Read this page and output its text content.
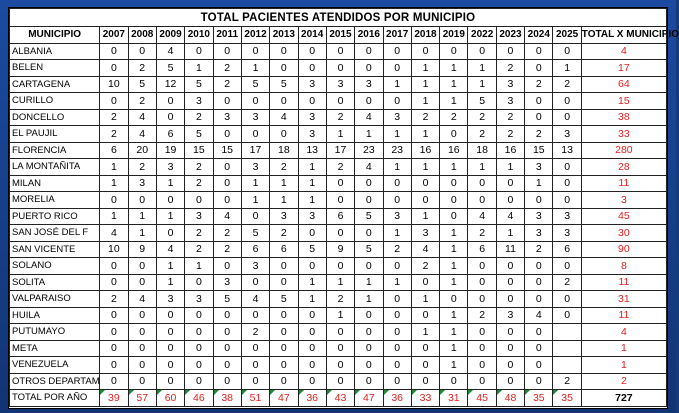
TOTAL PACIENTES ATENDIDOS POR MUNICIPIO																		
MUNICIPIO	2007	2008	2009	2010	2011	2012	2013	2014	2015	2016	2017	2018	2019	2022	2023	2024	2025	TOTAL X MUNICIPIO
ALBANIA	0	0	4	0	0	0	0	0	0	0	0	0	0	0	0	0	0	4
BELEN	0	2	5	1	2	1	0	0	0	0	0	1	1	1	2	0	1	17
CARTAGENA	10	5	12	5	2	5	5	3	3	3	1	1	1	1	3	2	2	64
CURILLO	0	2	0	3	0	0	0	0	0	0	0	1	1	5	3	0	0	15
DONCELLO	2	4	0	2	3	3	4	3	2	4	3	2	2	2	2	0	0	38
EL PAUJIL	2	4	6	5	0	0	0	3	1	1	1	1	0	2	2	2	3	33
FLORENCIA	6	20	19	15	15	17	18	13	17	23	23	16	16	18	16	15	13	280
LA MONTAÑITA	1	2	3	2	0	3	2	1	2	4	1	1	1	1	1	3	0	28
MILAN	1	3	1	2	0	1	1	1	0	0	0	0	0	0	0	1	0	11
MORELIA	0	0	0	0	0	1	1	1	0	0	0	0	0	0	0	0	0	3
PUERTO RICO	1	1	1	3	4	0	3	3	6	5	3	1	0	4	4	3	3	45
SAN JOSÉ DEL F	4	1	0	2	2	5	2	0	0	0	1	3	1	2	1	3	3	30
SAN VICENTE	10	9	4	2	2	6	6	5	9	5	2	4	1	6	11	2	6	90
SOLANO	0	0	1	1	0	3	0	0	0	0	0	2	1	0	0	0	0	8
SOLITA	0	0	1	0	3	0	0	1	1	1	1	0	1	0	0	0	2	11
VALPARAISO	2	4	3	3	5	4	5	1	2	1	0	1	0	0	0	0	0	31
HUILA	0	0	0	0	0	0	0	0	1	0	0	0	1	2	3	4	0	11
PUTUMAYO	0	0	0	0	0	2	0	0	0	0	0	1	1	0	0	0		4
META	0	0	0	0	0	0	0	0	0	0	0	0	1	0	0	0		1
VENEZUELA	0	0	0	0	0	0	0	0	0	0	0	0	1	0	0	0		1
OTROS DEPARTAM	0	0	0	0	0	0	0	0	0	0	0	0	0	0	0	0	2	2
TOTAL POR AÑO	39	57	60	46	38	51	47	36	43	47	36	33	31	45	48	35	35	727
